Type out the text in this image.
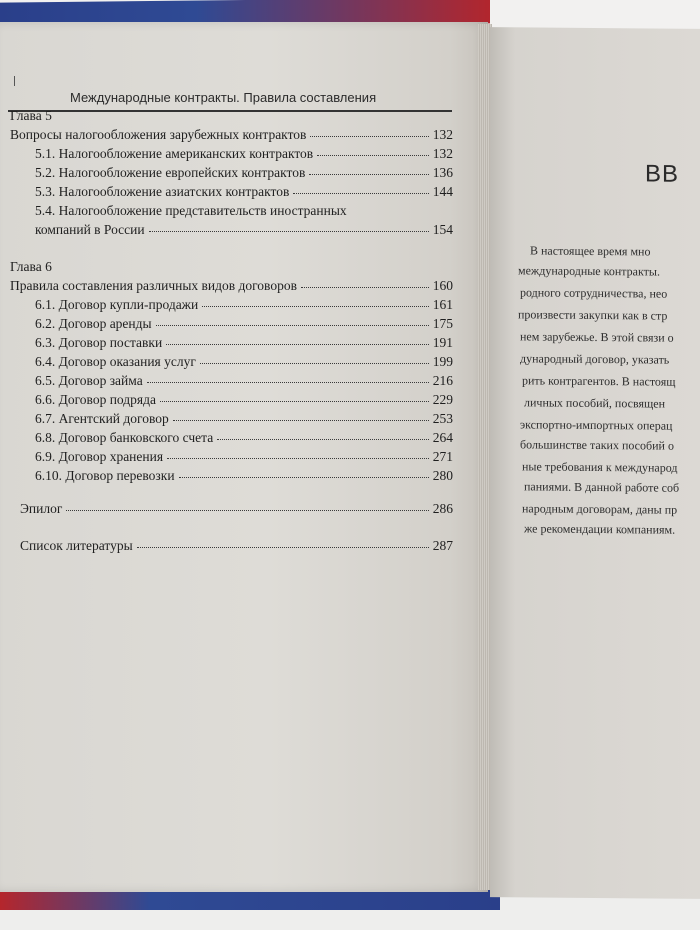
Международные контракты. Правила составления
Глава 5
Вопросы налогообложения зарубежных контрактов	132
5.1. Налогообложение американских контрактов	132
5.2. Налогообложение европейских контрактов	136
5.3. Налогообложение азиатских контрактов	144
5.4. Налогообложение представительств иностранных
компаний в России	154
Глава 6
Правила составления различных видов договоров	160
6.1. Договор купли-продажи	161
6.2. Договор аренды	175
6.3. Договор поставки	191
6.4. Договор оказания услуг	199
6.5. Договор займа	216
6.6. Договор подряда	229
6.7. Агентский договор	253
6.8. Договор банковского счета	264
6.9. Договор хранения	271
6.10. Договор перевозки	280
Эпилог	286
Список литературы	287
ВВ
В настоящее время мно
международные контракты.
родного сотрудничества, нео
произвести закупки как в стр
нем зарубежье. В этой связи о
дународный договор, указать
рить контрагентов. В настоящ
личных пособий, посвящен
экспортно-импортных операц
большинстве таких пособий о
ные требования к международ
паниями. В данной работе соб
народным договорам, даны пр
же рекомендации компаниям.
